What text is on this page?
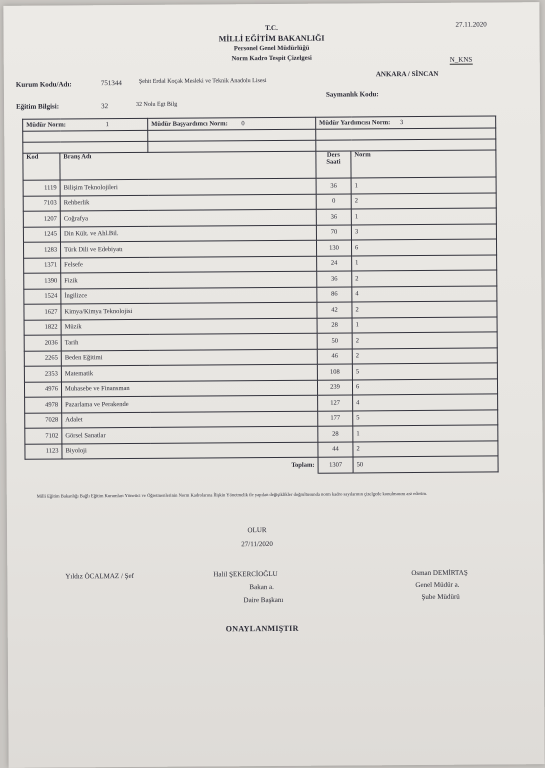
T.C.
MİLLİ EĞİTİM BAKANLIĞI
Personel Genel Müdürlüğü
Norm Kadro Tespit Çizelgesi
27.11.2020
N_KNS
Kurum Kodu/Adı:	751344	Şehit Erdal Koçak Mesleki ve Teknik Anadolu Lisesi
ANKARA / SİNCAN
Eğitim Bilgisi:	32	32 Nolu Egt Bilg
Saymanlık Kodu:
Müdür Norm: 1		Müdür Başyardımcı Norm: 0	Müdür Yardımcısı Norm: 3	

Kod	Branş Adı		Ders Saati	Norm
1119	Bilişim Teknolojileri		36	1
7103	Rehberlik		0	2
1207	Coğrafya		36	1
1245	Din Kült. ve Ahl.Bil.		70	3
1283	Türk Dili ve Edebiyatı		130	6
1371	Felsefe		24	1
1390	Fizik		36	2
1524	İngilizce		86	4
1627	Kimya/Kimya Teknolojisi		42	2
1822	Müzik		28	1
2036	Tarih		50	2
2265	Beden Eğitimi		46	2
2353	Matematik		108	5
4976	Muhasebe ve Finansman		239	6
4978	Pazarlama ve Perakende		127	4
7028	Adalet		177	5
7102	Görsel Sanatlar		28	1
1123	Biyoloji		44	2
Toplam:			1307	50
Milli Eğitim Bakanlığı Bağlı Eğitim Kurumları Yönetici ve Öğretmenlerinin Norm Kadrolarına İlişkin Yönetmelik ile yapılan değişiklikler doğrultusunda norm kadro sayılarının çizelgede konulmasını arz ederim.
OLUR
27/11/2020
Yıldız ÖCALMAZ / Şef	Halil ŞEKERCİOĞLU
Bakan a.
Daire Başkanı
Osman DEMİRTAŞ
Genel Müdür a.
Şube Müdürü
ONAYLANMIŞTIR
